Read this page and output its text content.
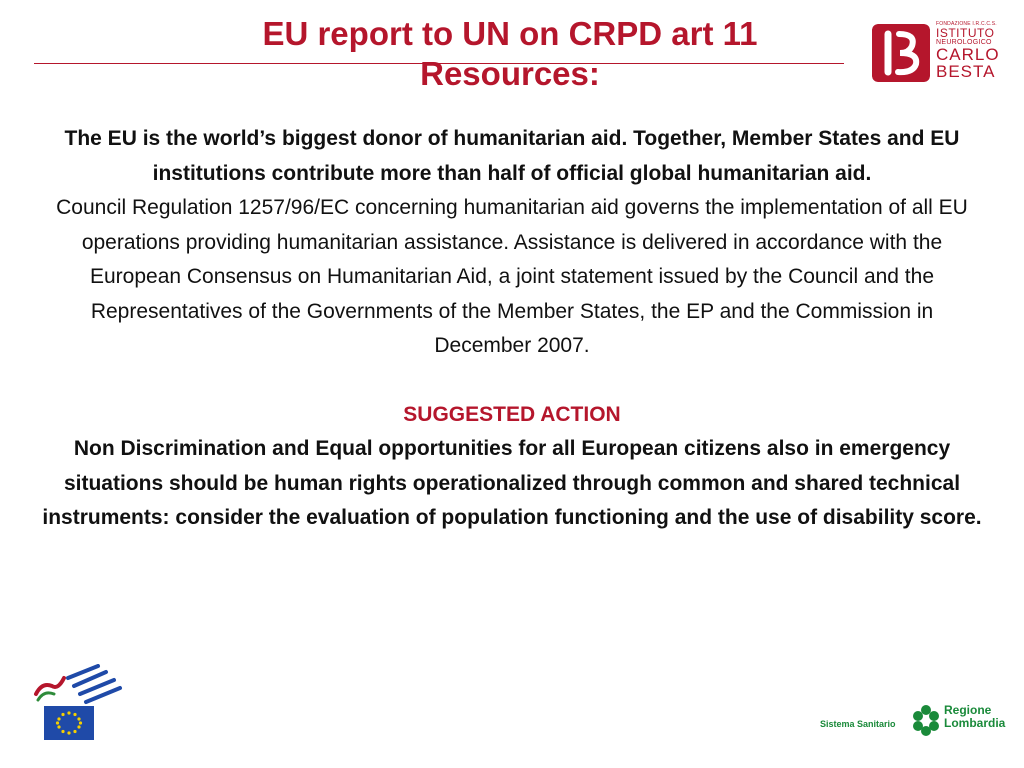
EU report to UN on CRPD art 11
Resources:
FONDAZIONE I.R.C.C.S.
ISTITUTO
NEUROLOGICO
CARLO
BESTA

The EU is the world’s biggest donor of humanitarian aid. Together, Member States and EU institutions contribute more than half of official global humanitarian aid.

Council Regulation 1257/96/EC concerning humanitarian aid governs the implementation of all EU operations providing humanitarian assistance. Assistance is delivered in accordance with the European Consensus on Humanitarian Aid, a joint statement issued by the Council and the Representatives of the Governments of the Member States, the EP and the Commission in December 2007.

SUGGESTED ACTION

Non Discrimination and Equal opportunities for all European citizens also in emergency situations should be human rights operationalized through common and shared technical instruments: consider the evaluation of population functioning and the use of disability score.

Sistema Sanitario
Regione
Lombardia
